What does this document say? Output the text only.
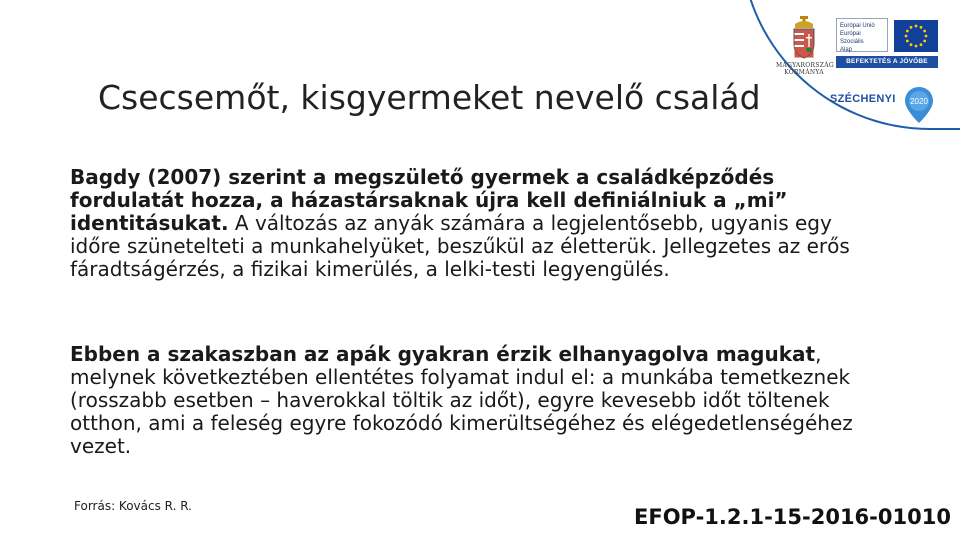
MAGYARORSZÁG
KORMÁNYA
Európai Unió
Európai Szociális
Alap
BEFEKTETÉS A JÖVŐBE
SZÉCHENYI 2020
Csecsemőt, kisgyermeket nevelő család
Bagdy (2007) szerint a megszülető gyermek a családképződés fordulatát hozza, a házastársaknak újra kell definiálniuk a „mi” identitásukat. A változás az anyák számára a legjelentősebb, ugyanis egy időre szünetelteti a munkahelyüket, beszűkül az életterük. Jellegzetes az erős fáradtságérzés, a fizikai kimerülés, a lelki-testi legyengülés.
Ebben a szakaszban az apák gyakran érzik elhanyagolva magukat, melynek következtében ellentétes folyamat indul el: a munkába temetkeznek (rosszabb esetben – haverokkal töltik az időt), egyre kevesebb időt töltenek otthon, ami a feleség egyre fokozódó kimerültségéhez és elégedetlenségéhez vezet.
Forrás: Kovács R. R.	EFOP-1.2.1-15-2016-01010
